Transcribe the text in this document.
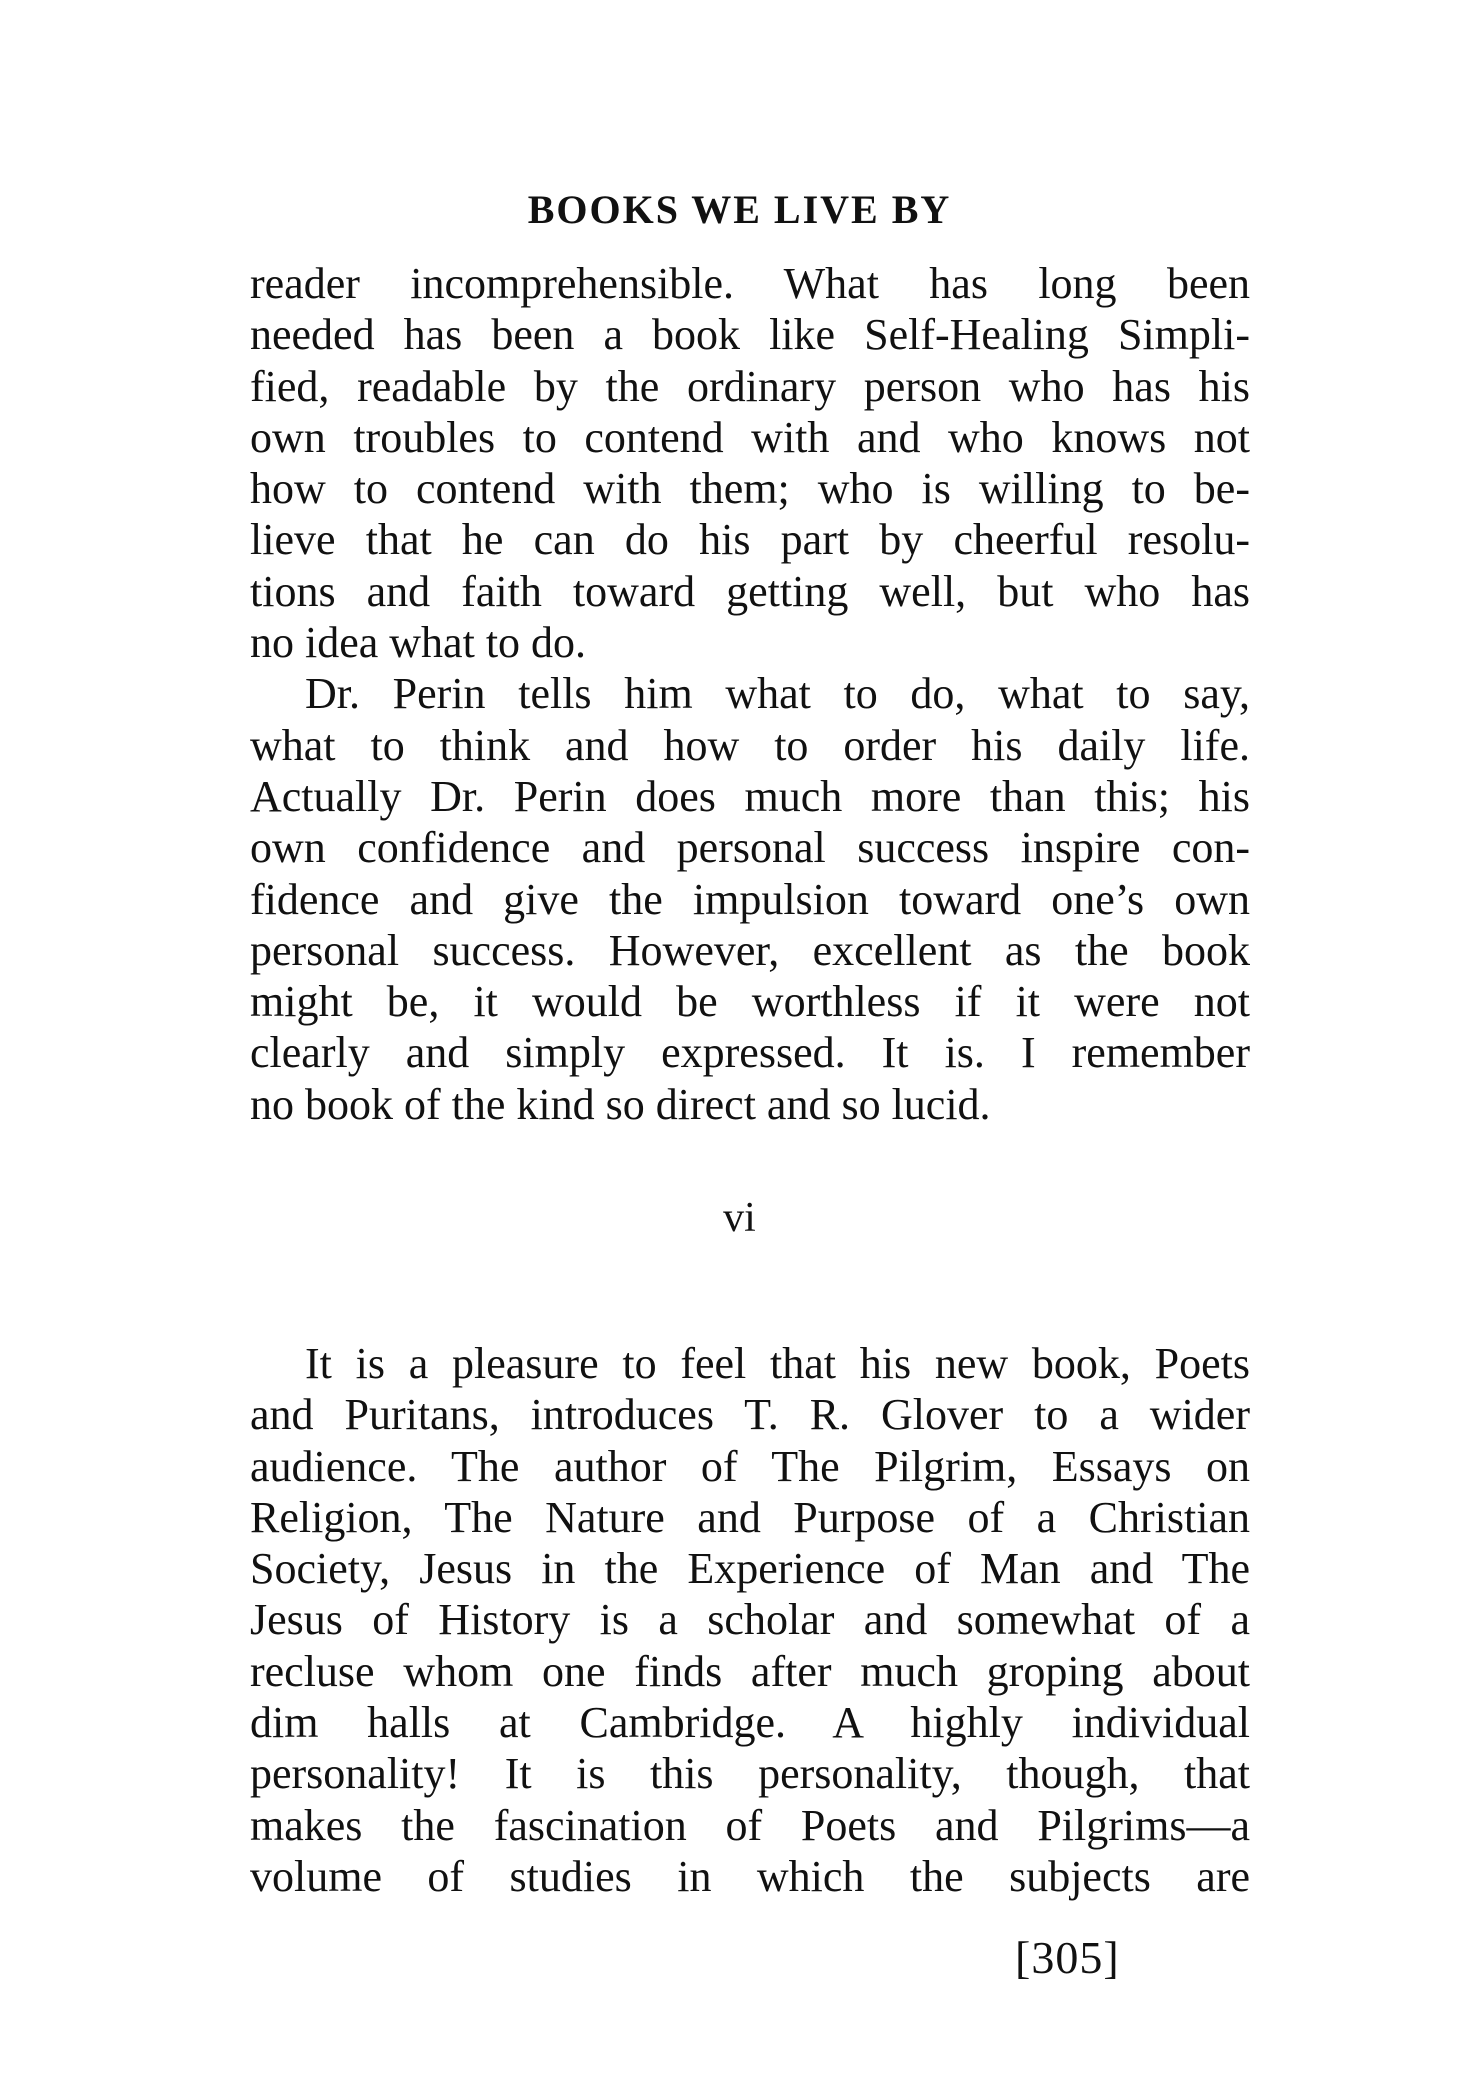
BOOKS WE LIVE BY
reader incomprehensible. What has long been
needed has been a book like Self-Healing Simpli-
fied, readable by the ordinary person who has his
own troubles to contend with and who knows not
how to contend with them; who is willing to be-
lieve that he can do his part by cheerful resolu-
tions and faith toward getting well, but who has
no idea what to do.
Dr. Perin tells him what to do, what to say,
what to think and how to order his daily life.
Actually Dr. Perin does much more than this; his
own confidence and personal success inspire con-
fidence and give the impulsion toward one’s own
personal success. However, excellent as the book
might be, it would be worthless if it were not
clearly and simply expressed. It is. I remember
no book of the kind so direct and so lucid.
vi
It is a pleasure to feel that his new book, Poets
and Puritans, introduces T. R. Glover to a wider
audience. The author of The Pilgrim, Essays on
Religion, The Nature and Purpose of a Christian
Society, Jesus in the Experience of Man and The
Jesus of History is a scholar and somewhat of a
recluse whom one finds after much groping about
dim halls at Cambridge. A highly individual
personality! It is this personality, though, that
makes the fascination of Poets and Pilgrims—a
volume of studies in which the subjects are
[305]
